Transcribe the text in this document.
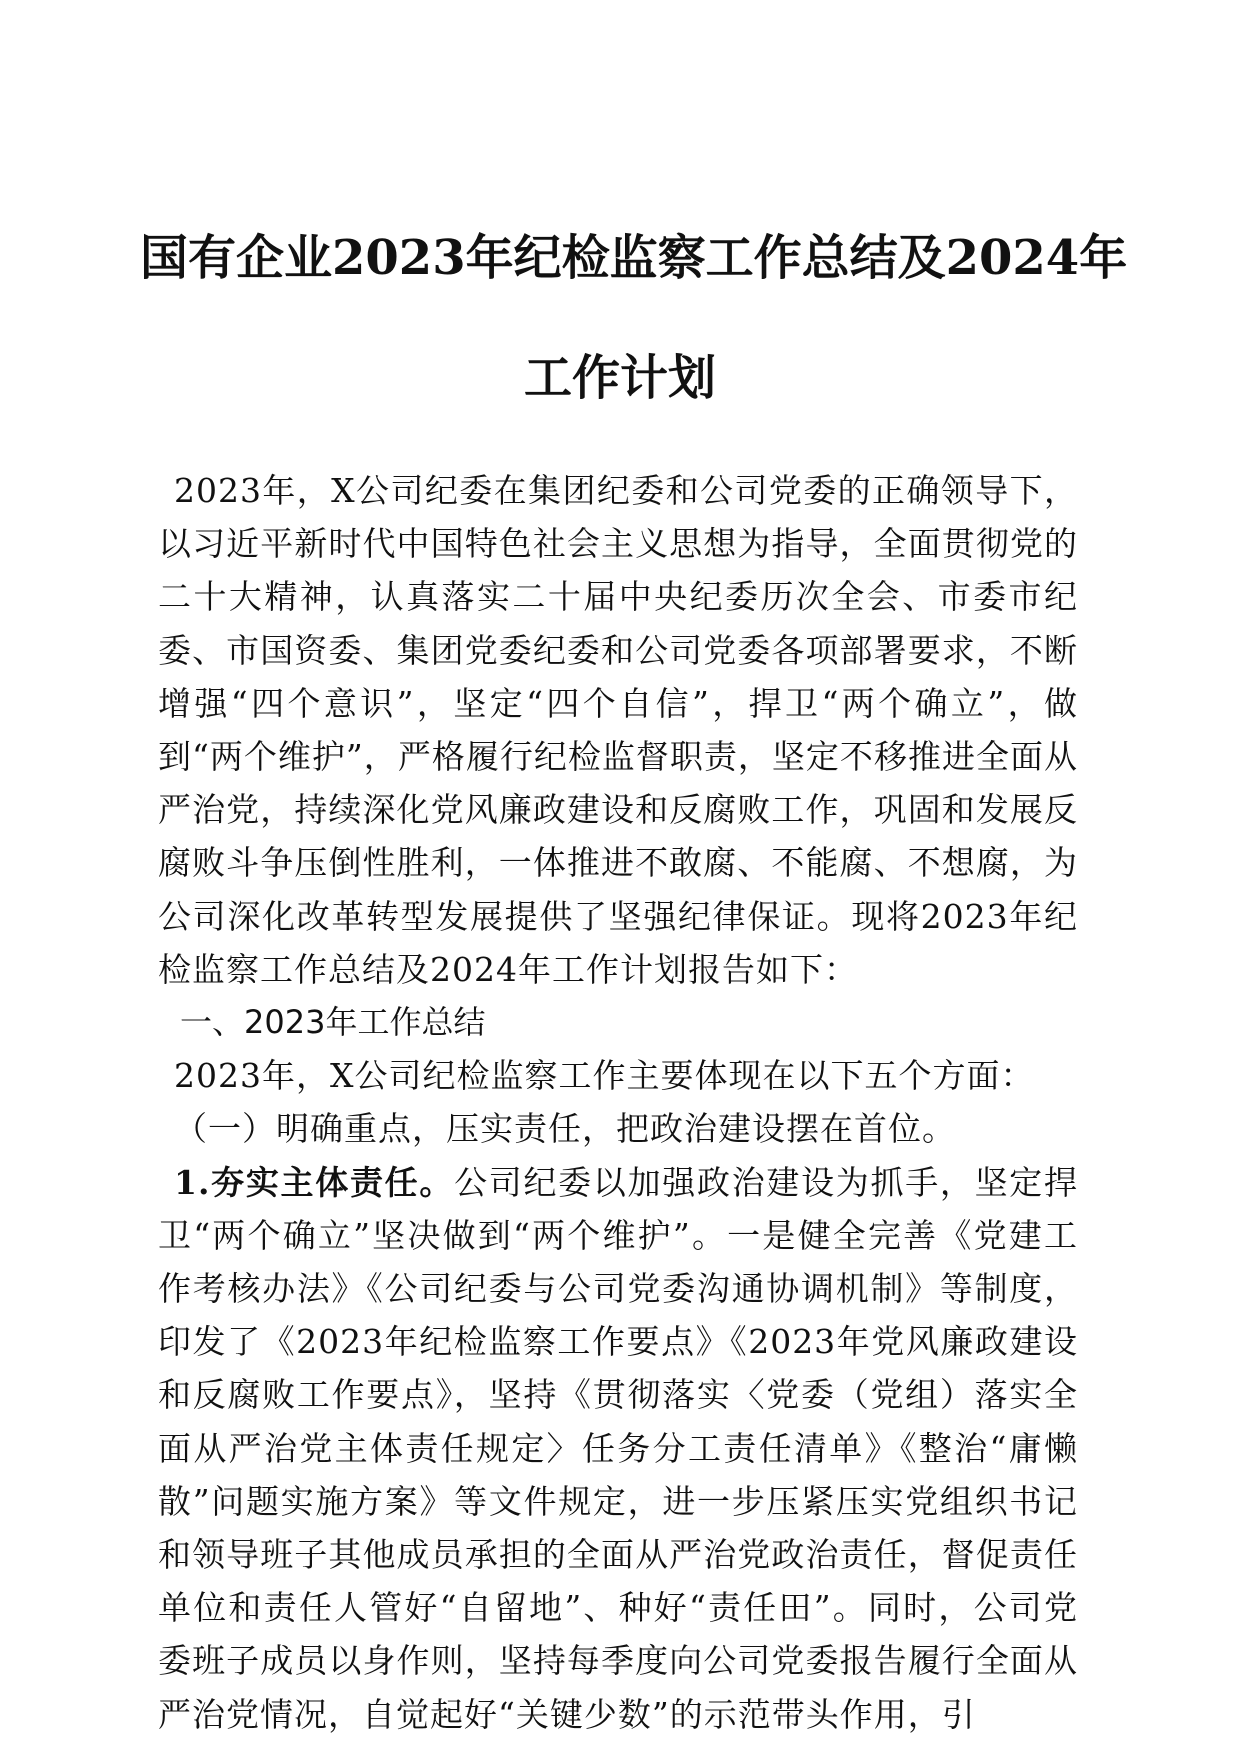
国有企业2023年纪检监察工作总结及2024年
工作计划

2023年，X公司纪委在集团纪委和公司党委的正确领导下，以习近平新时代中国特色社会主义思想为指导，全面贯彻党的二十大精神，认真落实二十届中央纪委历次全会、市委市纪委、市国资委、集团党委纪委和公司党委各项部署要求，不断增强“四个意识”，坚定“四个自信”，捍卫“两个确立”，做到“两个维护”，严格履行纪检监督职责，坚定不移推进全面从严治党，持续深化党风廉政建设和反腐败工作，巩固和发展反腐败斗争压倒性胜利，一体推进不敢腐、不能腐、不想腐，为公司深化改革转型发展提供了坚强纪律保证。现将2023年纪检监察工作总结及2024年工作计划报告如下：

一、2023年工作总结

2023年，X公司纪检监察工作主要体现在以下五个方面：

（一）明确重点，压实责任，把政治建设摆在首位。

1.夯实主体责任。公司纪委以加强政治建设为抓手，坚定捍卫“两个确立”坚决做到“两个维护”。一是健全完善《党建工作考核办法》《公司纪委与公司党委沟通协调机制》等制度，印发了《2023年纪检监察工作要点》《2023年党风廉政建设和反腐败工作要点》，坚持《贯彻落实〈党委（党组）落实全面从严治党主体责任规定〉任务分工责任清单》《整治“庸懒散”问题实施方案》等文件规定，进一步压紧压实党组织书记和领导班子其他成员承担的全面从严治党政治责任，督促责任单位和责任人管好“自留地”、种好“责任田”。同时，公司党委班子成员以身作则，坚持每季度向公司党委报告履行全面从严治党情况，自觉起好“关键少数”的示范带头作用，引
